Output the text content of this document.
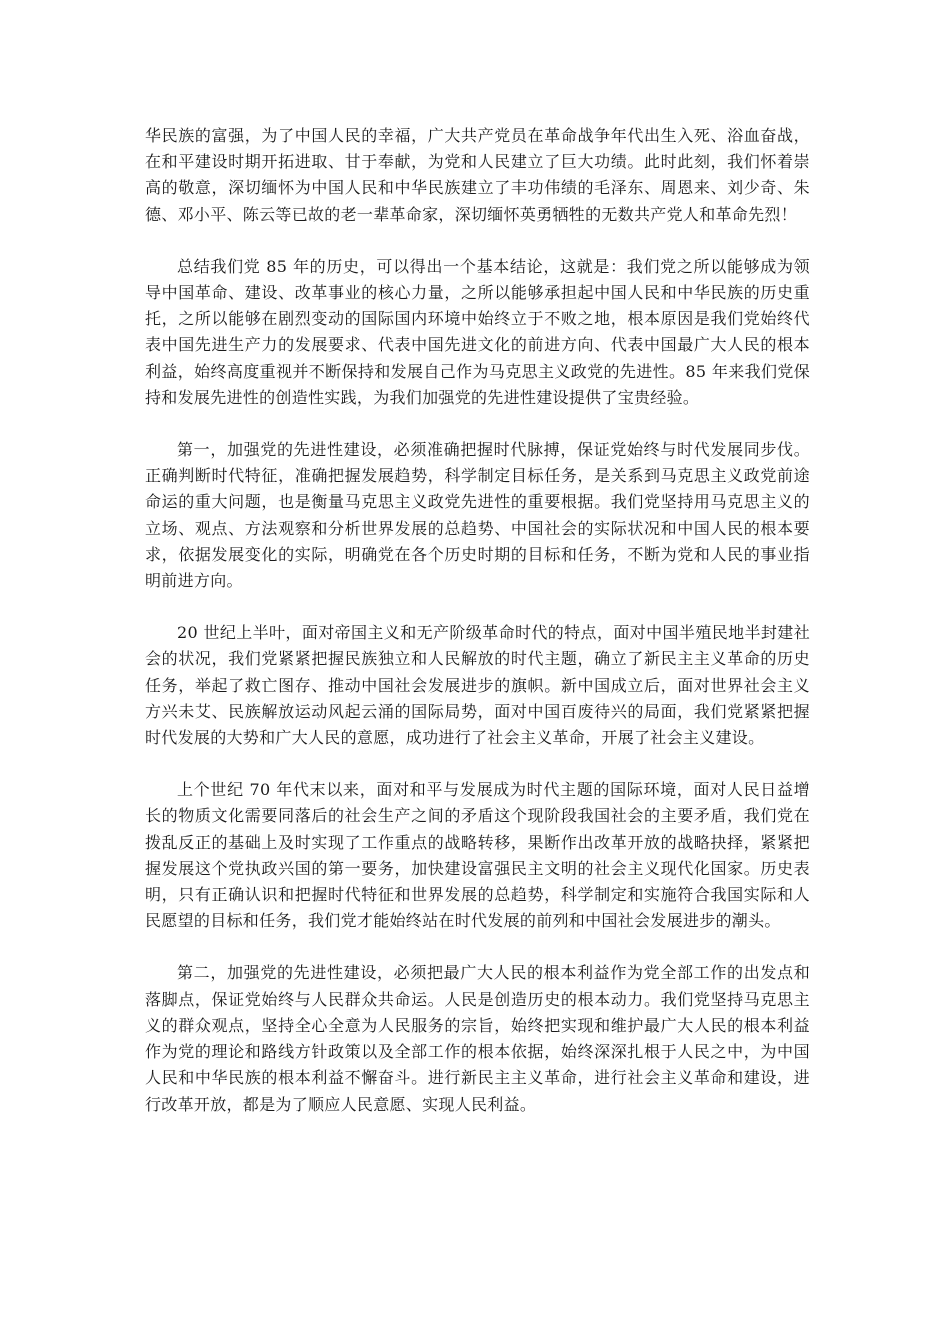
华民族的富强，为了中国人民的幸福，广大共产党员在革命战争年代出生入死、浴血奋战，在和平建设时期开拓进取、甘于奉献，为党和人民建立了巨大功绩。此时此刻，我们怀着崇高的敬意，深切缅怀为中国人民和中华民族建立了丰功伟绩的毛泽东、周恩来、刘少奇、朱德、邓小平、陈云等已故的老一辈革命家，深切缅怀英勇牺牲的无数共产党人和革命先烈！

总结我们党 85 年的历史，可以得出一个基本结论，这就是：我们党之所以能够成为领导中国革命、建设、改革事业的核心力量，之所以能够承担起中国人民和中华民族的历史重托，之所以能够在剧烈变动的国际国内环境中始终立于不败之地，根本原因是我们党始终代表中国先进生产力的发展要求、代表中国先进文化的前进方向、代表中国最广大人民的根本利益，始终高度重视并不断保持和发展自己作为马克思主义政党的先进性。85 年来我们党保持和发展先进性的创造性实践，为我们加强党的先进性建设提供了宝贵经验。

第一，加强党的先进性建设，必须准确把握时代脉搏，保证党始终与时代发展同步伐。正确判断时代特征，准确把握发展趋势，科学制定目标任务，是关系到马克思主义政党前途命运的重大问题，也是衡量马克思主义政党先进性的重要根据。我们党坚持用马克思主义的立场、观点、方法观察和分析世界发展的总趋势、中国社会的实际状况和中国人民的根本要求，依据发展变化的实际，明确党在各个历史时期的目标和任务，不断为党和人民的事业指明前进方向。

20 世纪上半叶，面对帝国主义和无产阶级革命时代的特点，面对中国半殖民地半封建社会的状况，我们党紧紧把握民族独立和人民解放的时代主题，确立了新民主主义革命的历史任务，举起了救亡图存、推动中国社会发展进步的旗帜。新中国成立后，面对世界社会主义方兴未艾、民族解放运动风起云涌的国际局势，面对中国百废待兴的局面，我们党紧紧把握时代发展的大势和广大人民的意愿，成功进行了社会主义革命，开展了社会主义建设。

上个世纪 70 年代末以来，面对和平与发展成为时代主题的国际环境，面对人民日益增长的物质文化需要同落后的社会生产之间的矛盾这个现阶段我国社会的主要矛盾，我们党在拨乱反正的基础上及时实现了工作重点的战略转移，果断作出改革开放的战略抉择，紧紧把握发展这个党执政兴国的第一要务，加快建设富强民主文明的社会主义现代化国家。历史表明，只有正确认识和把握时代特征和世界发展的总趋势，科学制定和实施符合我国实际和人民愿望的目标和任务，我们党才能始终站在时代发展的前列和中国社会发展进步的潮头。

第二，加强党的先进性建设，必须把最广大人民的根本利益作为党全部工作的出发点和落脚点，保证党始终与人民群众共命运。人民是创造历史的根本动力。我们党坚持马克思主义的群众观点，坚持全心全意为人民服务的宗旨，始终把实现和维护最广大人民的根本利益作为党的理论和路线方针政策以及全部工作的根本依据，始终深深扎根于人民之中，为中国人民和中华民族的根本利益不懈奋斗。进行新民主主义革命，进行社会主义革命和建设，进行改革开放，都是为了顺应人民意愿、实现人民利益。
